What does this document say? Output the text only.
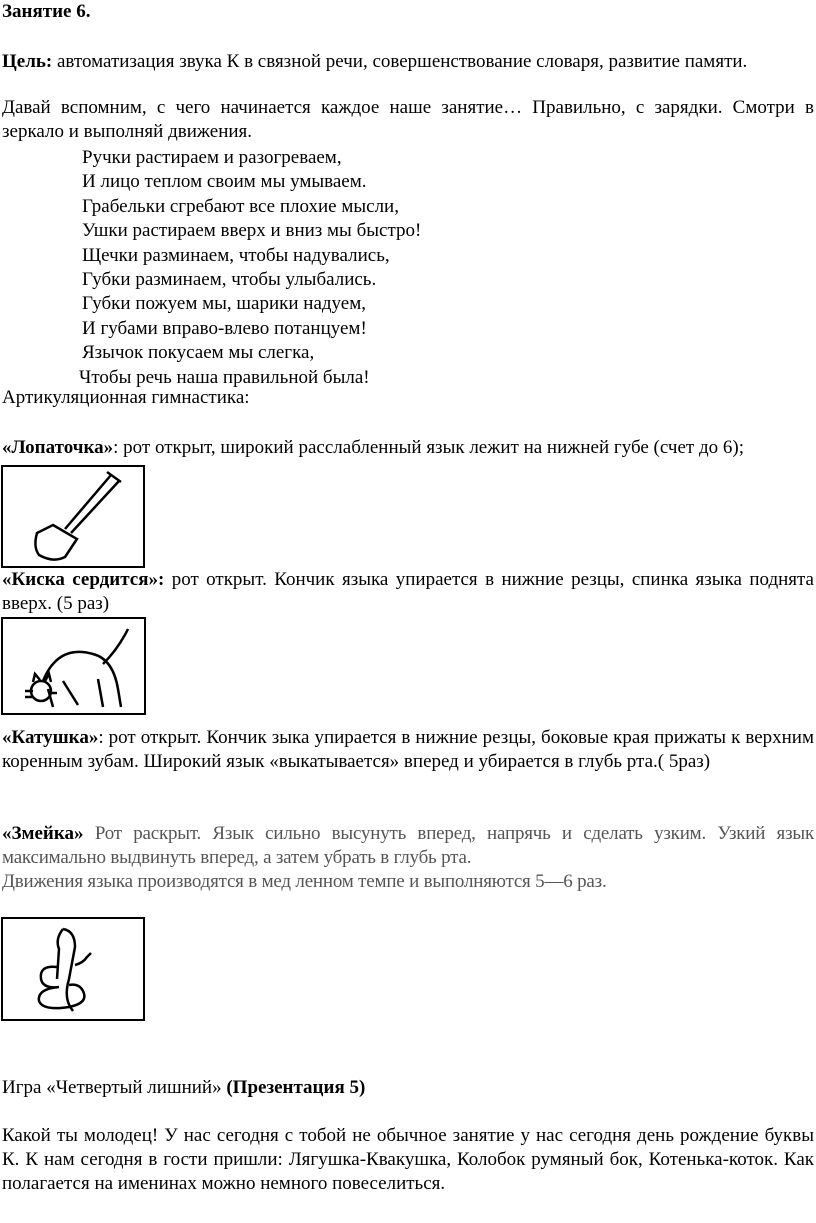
Занятие 6.
Цель: автоматизация звука К в связной речи, совершенствование словаря, развитие памяти.
Давай вспомним, с чего начинается каждое наше занятие… Правильно, с зарядки. Смотри в зеркало и выполняй движения.
Ручки растираем и разогреваем,
И лицо теплом своим мы умываем.
Грабельки сгребают все плохие мысли,
Ушки растираем вверх и вниз мы быстро!
Щечки разминаем, чтобы надувались,
Губки разминаем, чтобы улыбались.
Губки пожуем мы, шарики надуем,
И губами вправо-влево потанцуем!
Язычок покусаем мы слегка,
Чтобы речь наша правильной была!
Артикуляционная гимнастика:
«Лопаточка»: рот открыт, широкий расслабленный язык лежит на нижней губе (счет до 6);
«Киска сердится»: рот открыт. Кончик языка упирается в нижние резцы, спинка языка поднята вверх. (5 раз)
«Катушка»: рот открыт. Кончик зыка упирается в нижние резцы, боковые края прижаты к верхним коренным зубам. Широкий язык «выкатывается» вперед и убирается в глубь рта.( 5раз)
«Змейка» Рот раскрыт. Язык сильно высунуть вперед, напрячь и сделать узким. Узкий язык максимально выдвинуть вперед, а затем убрать в глубь рта.
Движения языка производятся в мед ленном темпе и выполняются 5—6 раз.
Игра «Четвертый лишний» (Презентация 5)
Какой ты молодец! У нас сегодня с тобой не обычное занятие у нас сегодня день рождение буквы К. К нам сегодня в гости пришли: Лягушка-Квакушка, Колобок румяный бок, Котенька-коток. Как полагается на именинах можно немного повеселиться.
